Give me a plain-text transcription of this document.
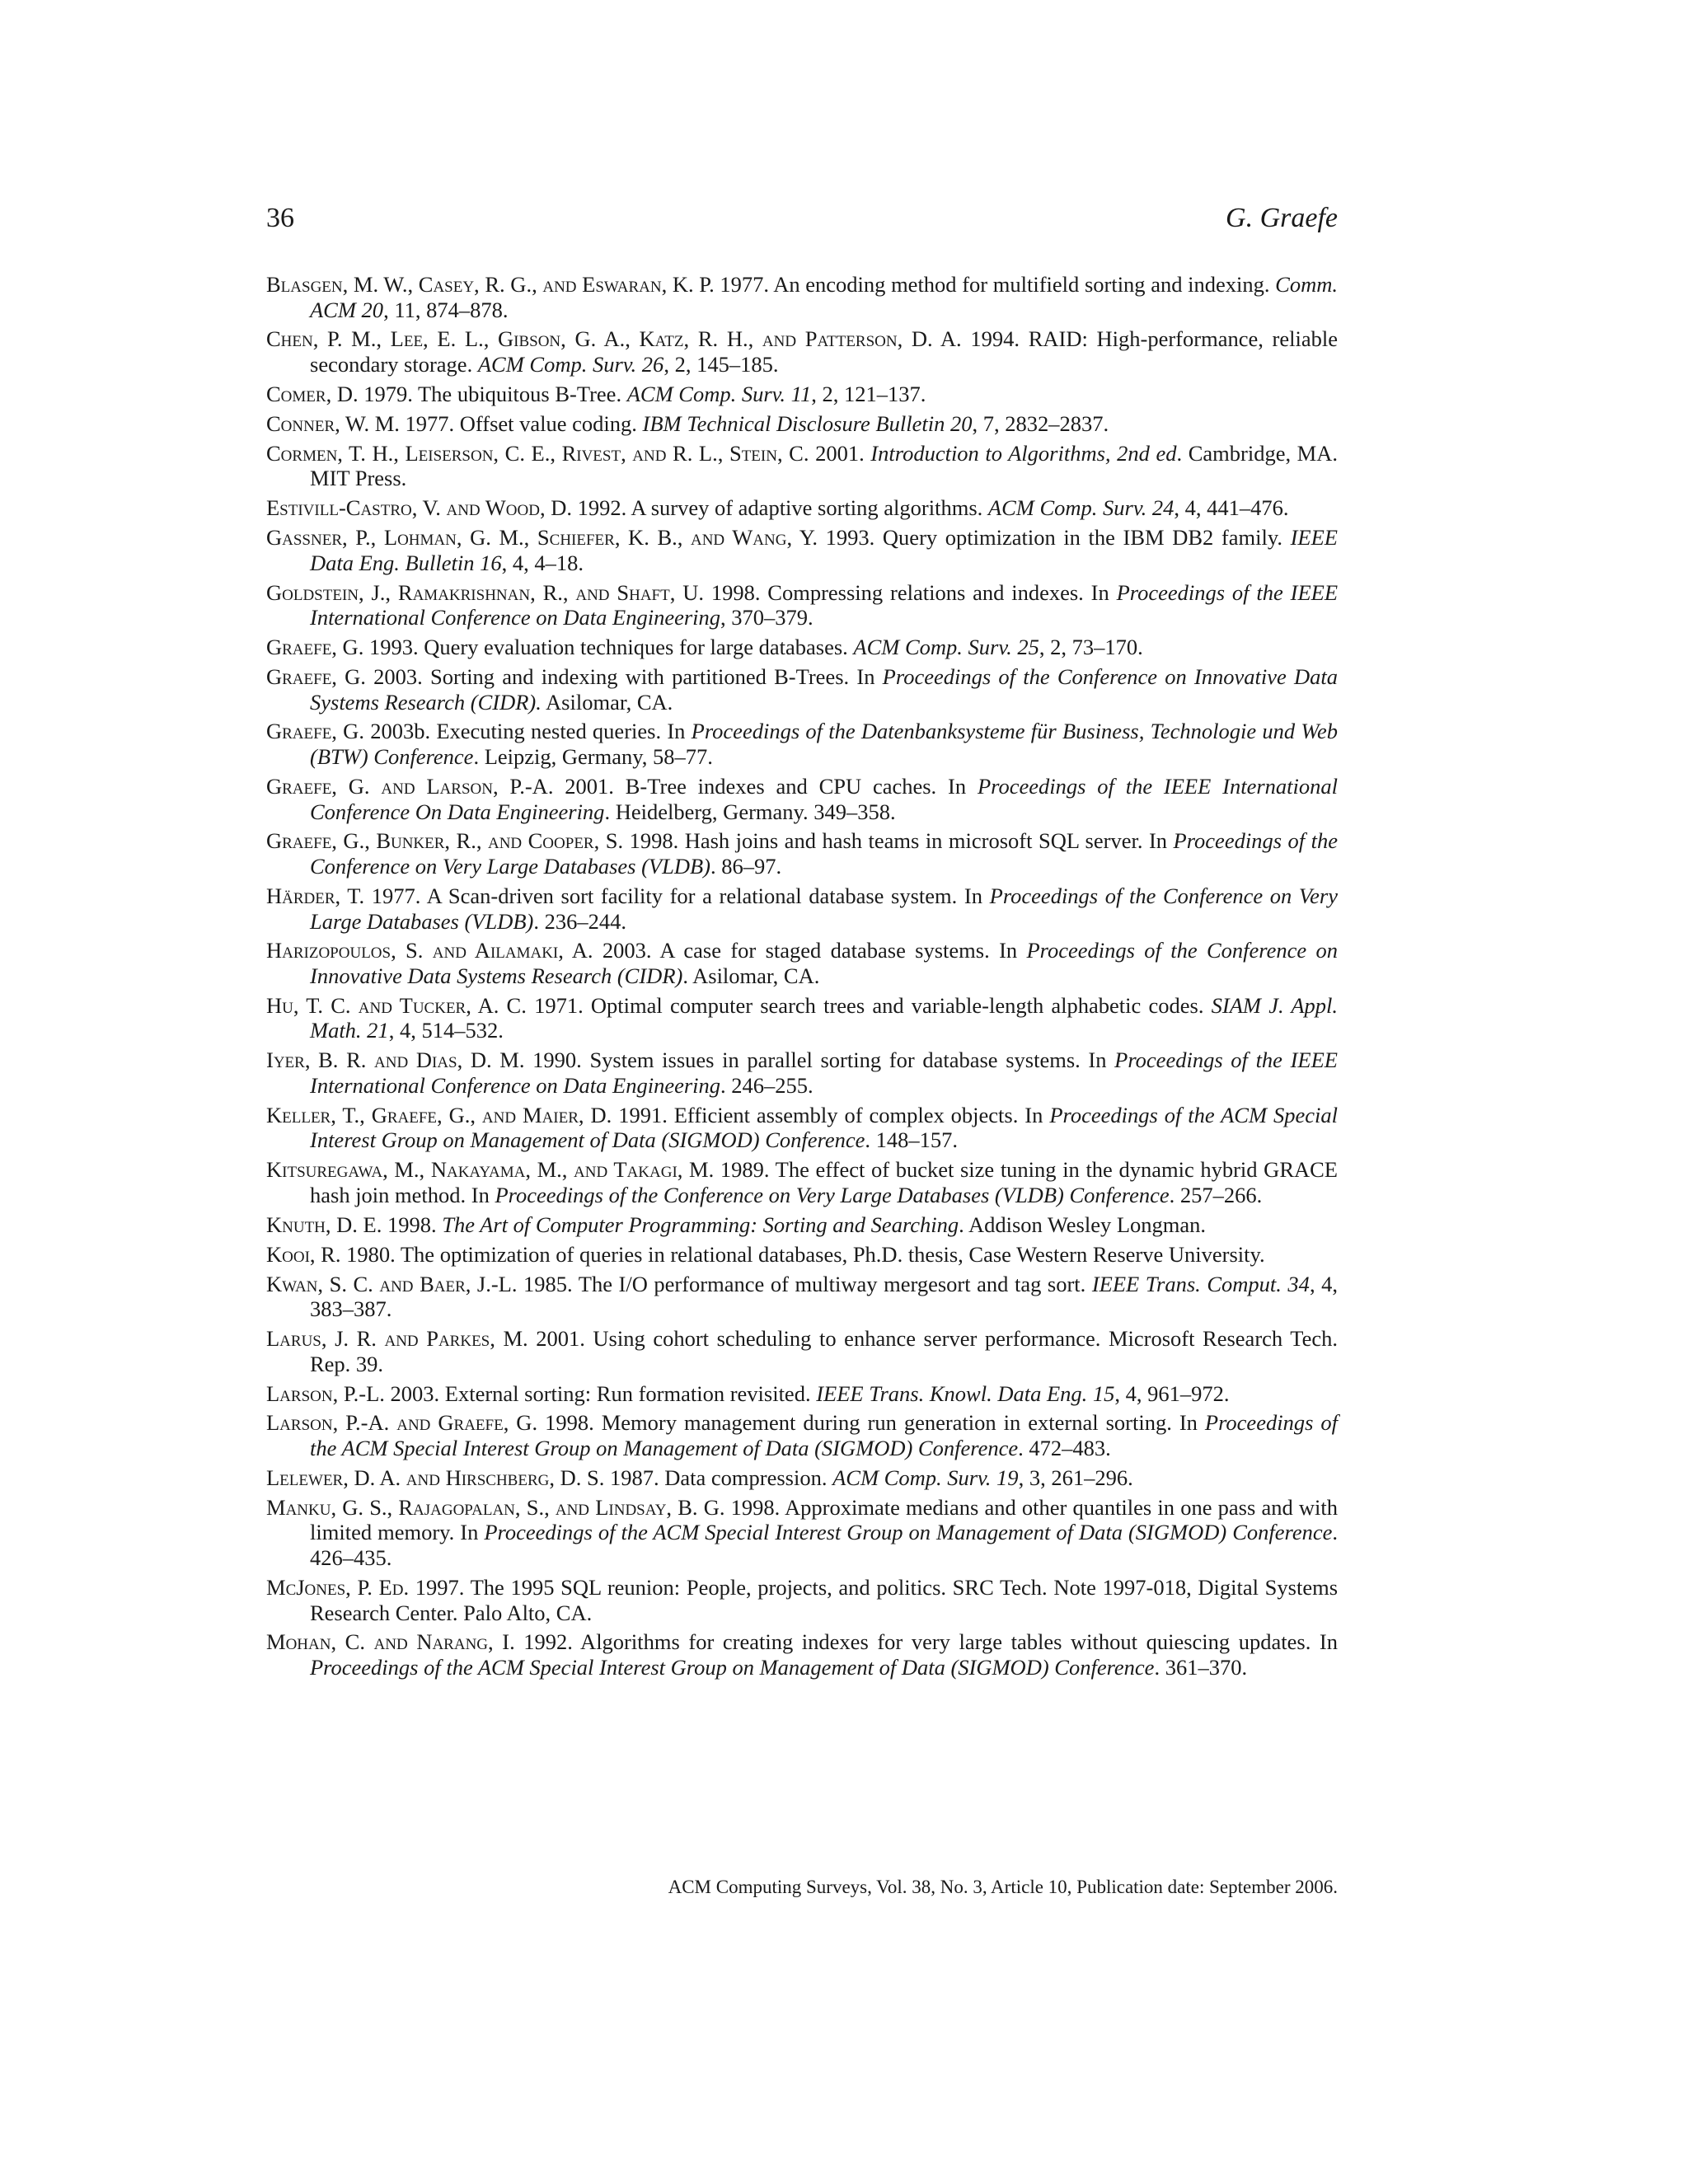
36	G. Graefe
Blasgen, M. W., Casey, R. G., and Eswaran, K. P. 1977. An encoding method for multifield sorting and indexing. Comm. ACM 20, 11, 874–878.
Chen, P. M., Lee, E. L., Gibson, G. A., Katz, R. H., and Patterson, D. A. 1994. RAID: High-performance, reliable secondary storage. ACM Comp. Surv. 26, 2, 145–185.
Comer, D. 1979. The ubiquitous B-Tree. ACM Comp. Surv. 11, 2, 121–137.
Conner, W. M. 1977. Offset value coding. IBM Technical Disclosure Bulletin 20, 7, 2832–2837.
Cormen, T. H., Leiserson, C. E., Rivest, and R. L., Stein, C. 2001. Introduction to Algorithms, 2nd ed. Cambridge, MA. MIT Press.
Estivill-Castro, V. and Wood, D. 1992. A survey of adaptive sorting algorithms. ACM Comp. Surv. 24, 4, 441–476.
Gassner, P., Lohman, G. M., Schiefer, K. B., and Wang, Y. 1993. Query optimization in the IBM DB2 family. IEEE Data Eng. Bulletin 16, 4, 4–18.
Goldstein, J., Ramakrishnan, R., and Shaft, U. 1998. Compressing relations and indexes. In Proceedings of the IEEE International Conference on Data Engineering, 370–379.
Graefe, G. 1993. Query evaluation techniques for large databases. ACM Comp. Surv. 25, 2, 73–170.
Graefe, G. 2003. Sorting and indexing with partitioned B-Trees. In Proceedings of the Conference on Innovative Data Systems Research (CIDR). Asilomar, CA.
Graefe, G. 2003b. Executing nested queries. In Proceedings of the Datenbanksysteme für Business, Technologie und Web (BTW) Conference. Leipzig, Germany, 58–77.
Graefe, G. and Larson, P.-A. 2001. B-Tree indexes and CPU caches. In Proceedings of the IEEE International Conference On Data Engineering. Heidelberg, Germany. 349–358.
Graefe, G., Bunker, R., and Cooper, S. 1998. Hash joins and hash teams in microsoft SQL server. In Proceedings of the Conference on Very Large Databases (VLDB). 86–97.
Härder, T. 1977. A Scan-driven sort facility for a relational database system. In Proceedings of the Conference on Very Large Databases (VLDB). 236–244.
Harizopoulos, S. and Ailamaki, A. 2003. A case for staged database systems. In Proceedings of the Conference on Innovative Data Systems Research (CIDR). Asilomar, CA.
Hu, T. C. and Tucker, A. C. 1971. Optimal computer search trees and variable-length alphabetic codes. SIAM J. Appl. Math. 21, 4, 514–532.
Iyer, B. R. and Dias, D. M. 1990. System issues in parallel sorting for database systems. In Proceedings of the IEEE International Conference on Data Engineering. 246–255.
Keller, T., Graefe, G., and Maier, D. 1991. Efficient assembly of complex objects. In Proceedings of the ACM Special Interest Group on Management of Data (SIGMOD) Conference. 148–157.
Kitsuregawa, M., Nakayama, M., and Takagi, M. 1989. The effect of bucket size tuning in the dynamic hybrid GRACE hash join method. In Proceedings of the Conference on Very Large Databases (VLDB) Conference. 257–266.
Knuth, D. E. 1998. The Art of Computer Programming: Sorting and Searching. Addison Wesley Longman.
Kooi, R. 1980. The optimization of queries in relational databases, Ph.D. thesis, Case Western Reserve University.
Kwan, S. C. and Baer, J.-L. 1985. The I/O performance of multiway mergesort and tag sort. IEEE Trans. Comput. 34, 4, 383–387.
Larus, J. R. and Parkes, M. 2001. Using cohort scheduling to enhance server performance. Microsoft Research Tech. Rep. 39.
Larson, P.-L. 2003. External sorting: Run formation revisited. IEEE Trans. Knowl. Data Eng. 15, 4, 961–972.
Larson, P.-A. and Graefe, G. 1998. Memory management during run generation in external sorting. In Proceedings of the ACM Special Interest Group on Management of Data (SIGMOD) Conference. 472–483.
Lelewer, D. A. and Hirschberg, D. S. 1987. Data compression. ACM Comp. Surv. 19, 3, 261–296.
Manku, G. S., Rajagopalan, S., and Lindsay, B. G. 1998. Approximate medians and other quantiles in one pass and with limited memory. In Proceedings of the ACM Special Interest Group on Management of Data (SIGMOD) Conference. 426–435.
McJones, P. Ed. 1997. The 1995 SQL reunion: People, projects, and politics. SRC Tech. Note 1997-018, Digital Systems Research Center. Palo Alto, CA.
Mohan, C. and Narang, I. 1992. Algorithms for creating indexes for very large tables without quiescing updates. In Proceedings of the ACM Special Interest Group on Management of Data (SIGMOD) Conference. 361–370.
ACM Computing Surveys, Vol. 38, No. 3, Article 10, Publication date: September 2006.
